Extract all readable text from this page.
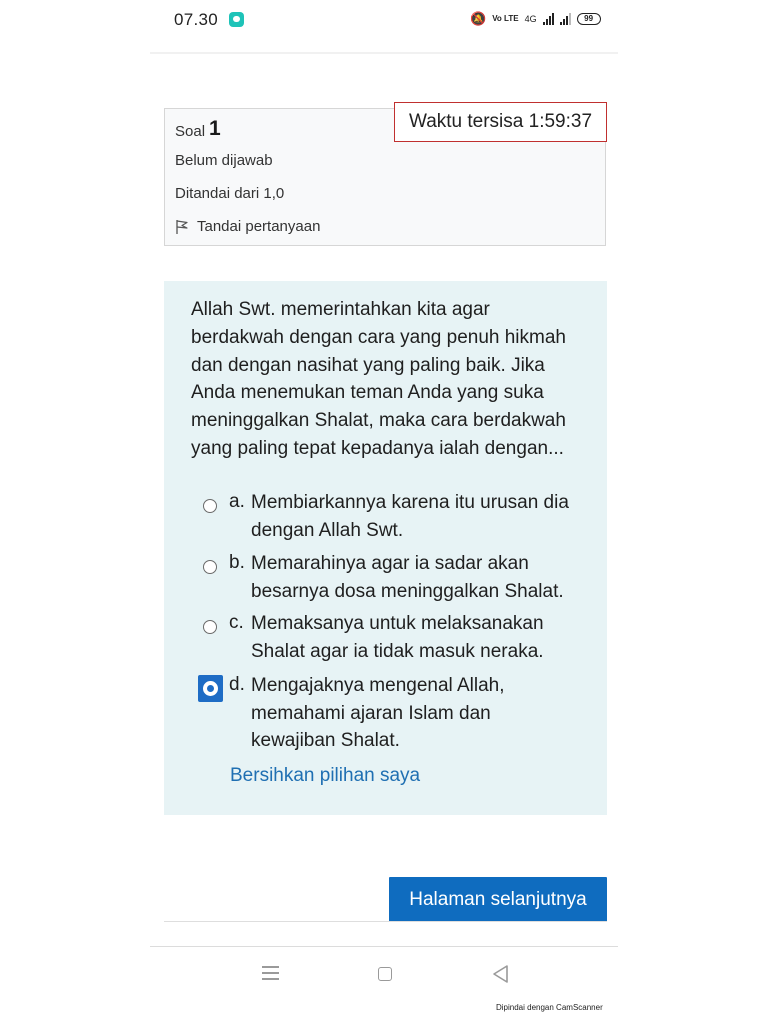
07.30	🔕 Vo LTE 4G	99
Soal 1
Belum dijawab
Ditandai dari 1,0
Tandai pertanyaan
Waktu tersisa 1:59:37
Allah Swt. memerintahkan kita agar
berdakwah dengan cara yang penuh hikmah
dan dengan nasihat yang paling baik. Jika
Anda menemukan teman Anda yang suka
meninggalkan Shalat, maka cara berdakwah
yang paling tepat kepadanya ialah dengan...
a. Membiarkannya karena itu urusan dia
dengan Allah Swt.
b. Memarahinya agar ia sadar akan
besarnya dosa meninggalkan Shalat.
c. Memaksanya untuk melaksanakan
Shalat agar ia tidak masuk neraka.
d. Mengajaknya mengenal Allah,
memahami ajaran Islam dan
kewajiban Shalat.
Bersihkan pilihan saya
Halaman selanjutnya
Dipindai dengan CamScanner
